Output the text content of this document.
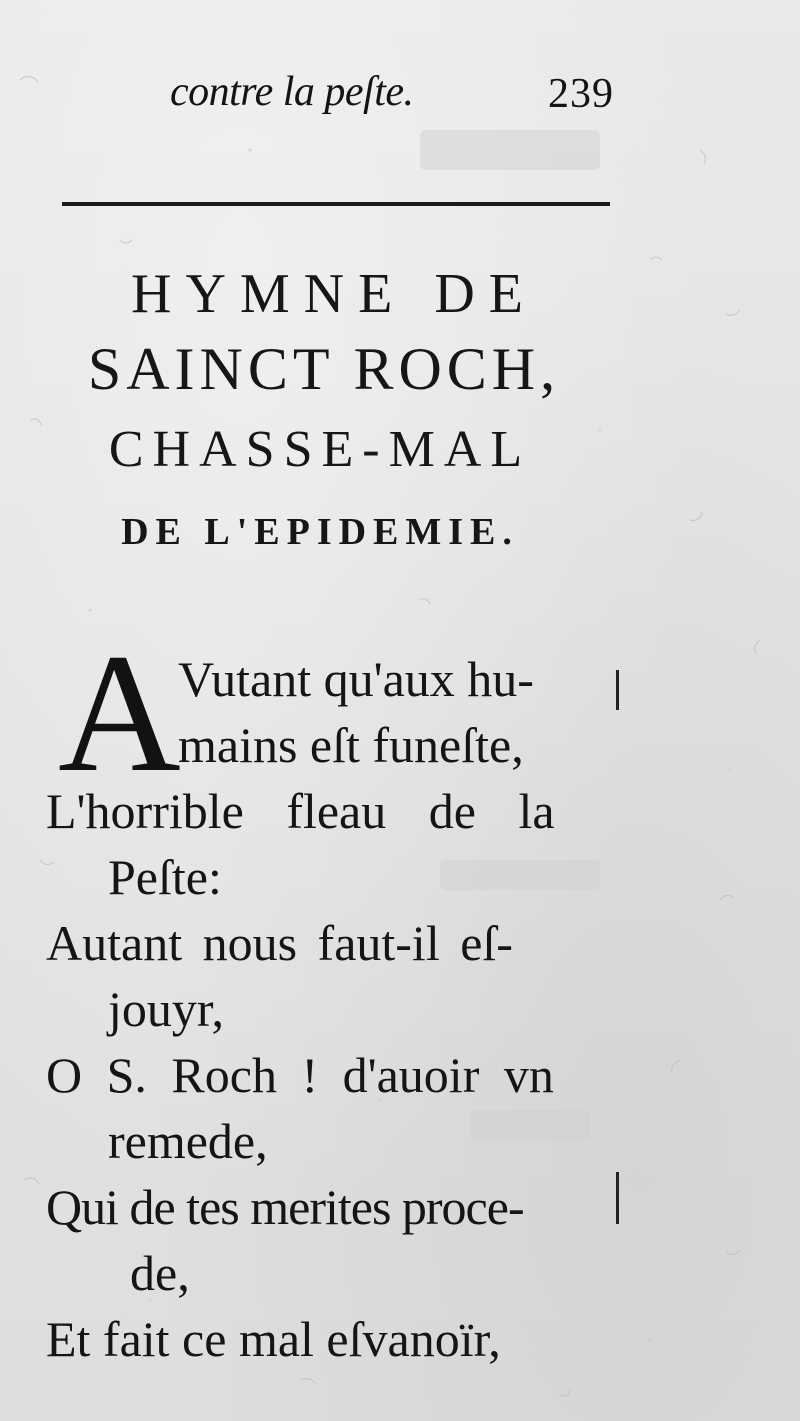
contre la peſte.	239
HYMNE DE
SAINCT ROCH,
CHASSE-MAL
DE L'EPIDEMIE.
A
Vutant qu'aux hu-
mains eſt funeſte,
L'horrible fleau de la
Peſte:
Autant nous faut-il eſ-
jouyr,
O S. Roch ! d'auoir vn
remede,
Qui de tes merites proce-
de,
Et fait ce mal eſvanoïr,
